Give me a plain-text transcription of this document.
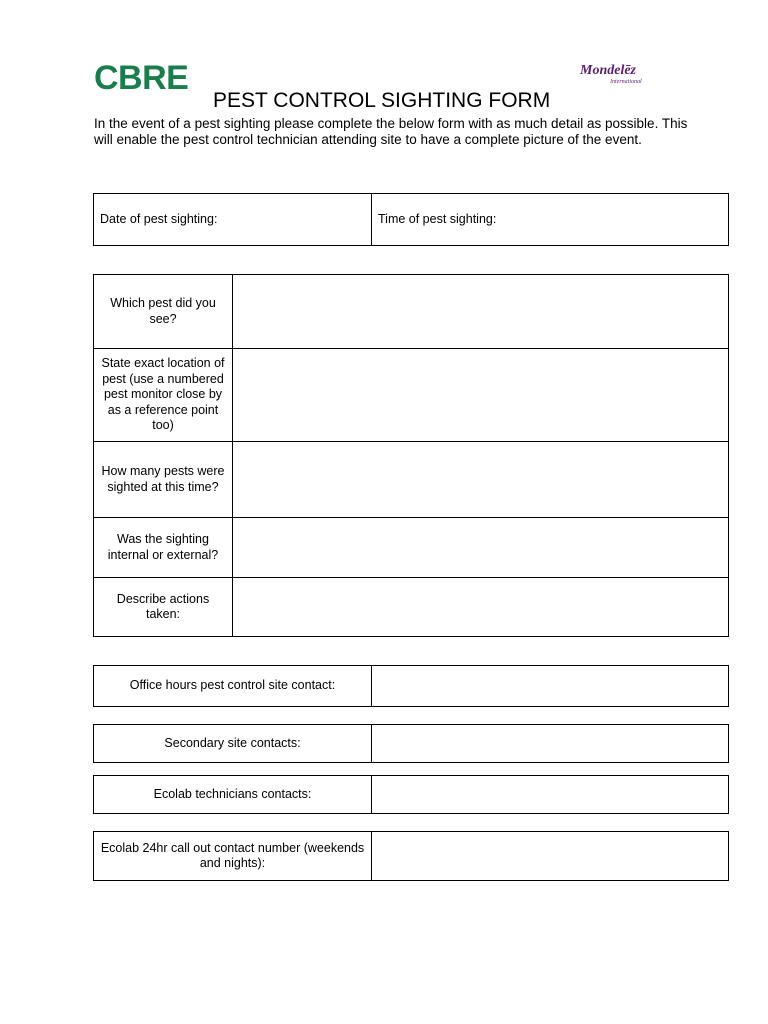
CBRE	Mondelēz
International
PEST CONTROL SIGHTING FORM
In the event of a pest sighting please complete the below form with as much detail as possible. This will enable the pest control technician attending site to have a complete picture of the event.
Date of pest sighting:	Time of pest sighting:
Which pest did you see?	
State exact location of pest (use a numbered pest monitor close by as a reference point too)	
How many pests were sighted at this time?	
Was the sighting internal or external?	
Describe actions taken:	
Office hours pest control site contact:	
Secondary site contacts:	
Ecolab technicians contacts:	
Ecolab 24hr call out contact number (weekends and nights):	
